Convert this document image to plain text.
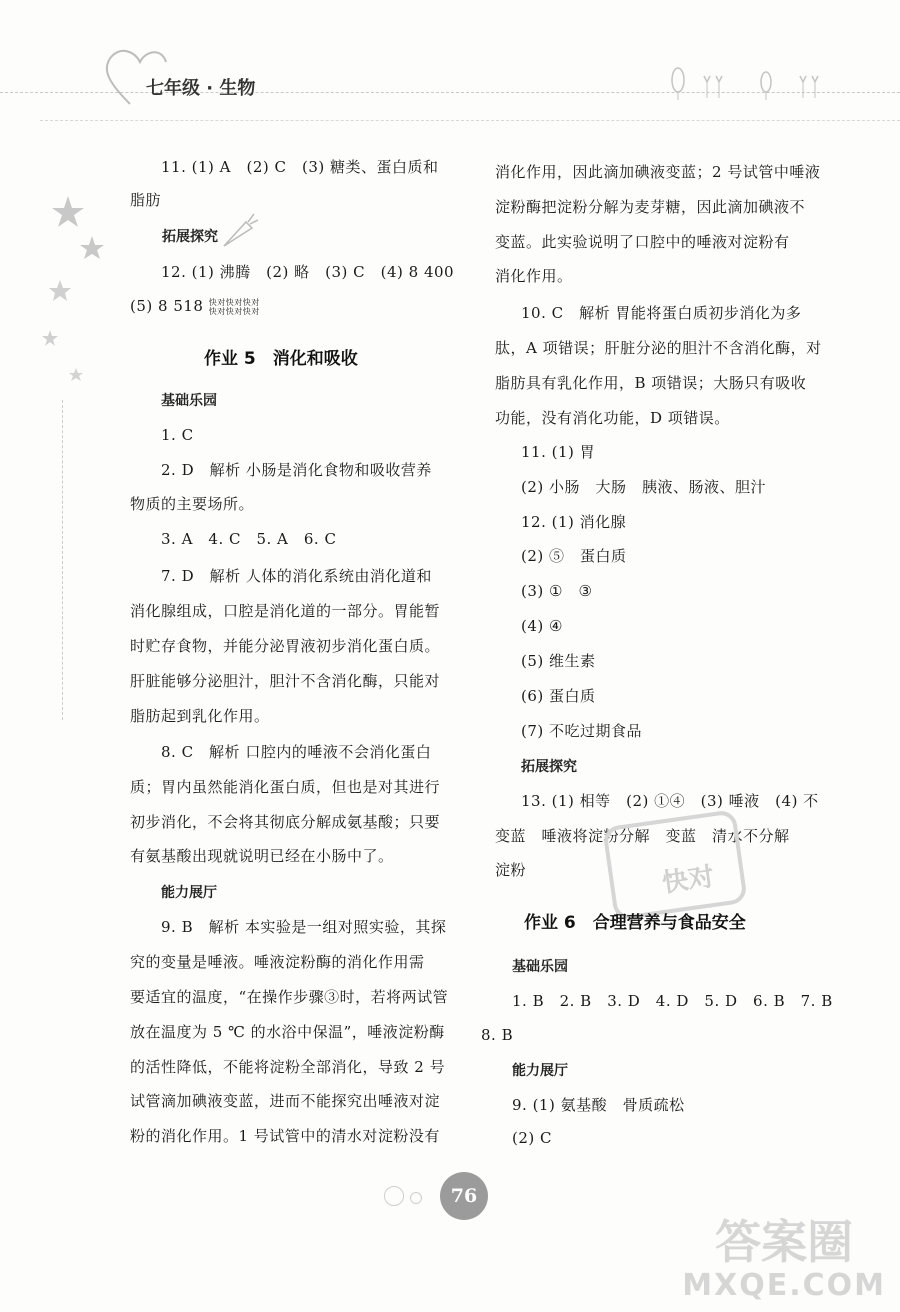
七年级 · 生物
11. (1) A　(2) C　(3) 糖类、蛋白质和
脂肪
拓展探究
12. (1) 沸腾　(2) 略　(3) C　(4) 8 400
(5) 8 518 快对快对快对
快对快对快对
作业 5　消化和吸收
基础乐园
1. C
2. D　解析 小肠是消化食物和吸收营养
物质的主要场所。
3. A　4. C　5. A　6. C
7. D　解析 人体的消化系统由消化道和
消化腺组成，口腔是消化道的一部分。胃能暂
时贮存食物，并能分泌胃液初步消化蛋白质。
肝脏能够分泌胆汁，胆汁不含消化酶，只能对
脂肪起到乳化作用。
8. C　解析 口腔内的唾液不会消化蛋白
质；胃内虽然能消化蛋白质，但也是对其进行
初步消化，不会将其彻底分解成氨基酸；只要
有氨基酸出现就说明已经在小肠中了。
能力展厅
9. B　解析 本实验是一组对照实验，其探
究的变量是唾液。唾液淀粉酶的消化作用需
要适宜的温度，“在操作步骤③时，若将两试管
放在温度为 5 ℃ 的水浴中保温”，唾液淀粉酶
的活性降低，不能将淀粉全部消化，导致 2 号
试管滴加碘液变蓝，进而不能探究出唾液对淀
粉的消化作用。1 号试管中的清水对淀粉没有
消化作用，因此滴加碘液变蓝；2 号试管中唾液
淀粉酶把淀粉分解为麦芽糖，因此滴加碘液不
变蓝。此实验说明了口腔中的唾液对淀粉有
消化作用。
10. C　解析 胃能将蛋白质初步消化为多
肽，A 项错误；肝脏分泌的胆汁不含消化酶，对
脂肪具有乳化作用，B 项错误；大肠只有吸收
功能，没有消化功能，D 项错误。
11. (1) 胃
(2) 小肠　大肠　胰液、肠液、胆汁
12. (1) 消化腺
(2) ⑤　蛋白质
(3) ①　③
(4) ④
(5) 维生素
(6) 蛋白质
(7) 不吃过期食品
拓展探究
13. (1) 相等　(2) ①④　(3) 唾液　(4) 不
变蓝　唾液将淀粉分解　变蓝　清水不分解
淀粉	快对
作业 6　合理营养与食品安全
基础乐园
1. B　2. B　3. D　4. D　5. D　6. B　7. B
8. B
能力展厅
9. (1) 氨基酸　骨质疏松
(2) C
76
答案圈
MXQE.COM
